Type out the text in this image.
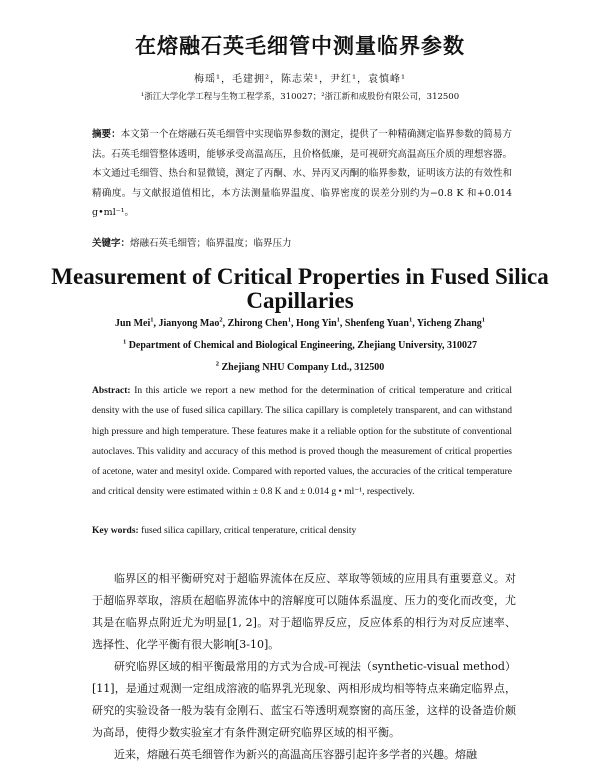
在熔融石英毛细管中测量临界参数
梅瑶¹，毛建拥²，陈志荣¹，尹红¹，袁慎峰¹
¹浙江大学化学工程与生物工程学系，310027；²浙江新和成股份有限公司，312500
摘要：本文第一个在熔融石英毛细管中实现临界参数的测定，提供了一种精确测定临界参数的简易方法。石英毛细管整体透明，能够承受高温高压，且价格低廉，是可视研究高温高压介质的理想容器。本文通过毛细管、热台和显微镜，测定了丙酮、水、异丙叉丙酮的临界参数，证明该方法的有效性和精确度。与文献报道值相比，本方法测量临界温度、临界密度的误差分别约为−0.8 K 和+0.014 g•ml⁻¹。
关键字：熔融石英毛细管；临界温度；临界压力
Measurement of Critical Properties in Fused Silica Capillaries
Jun Mei$^1$, Jianyong Mao$^2$, Zhirong Chen$^1$, Hong Yin$^1$, Shenfeng Yuan$^1$, Yicheng Zhang$^1$
$^1$ Department of Chemical and Biological Engineering, Zhejiang University, 310027
$^2$ Zhejiang NHU Company Ltd., 312500
Abstract: In this article we report a new method for the determination of critical temperature and critical density with the use of fused silica capillary. The silica capillary is completely transparent, and can withstand high pressure and high temperature. These features make it a reliable option for the substitute of conventional autoclaves. This validity and accuracy of this method is proved though the measurement of critical properties of acetone, water and mesityl oxide. Compared with reported values, the accuracies of the critical temperature and critical density were estimated within ± 0.8 K and ± 0.014 g • ml⁻¹, respectively.
Key words: fused silica capillary, critical tenperature, critical density

临界区的相平衡研究对于超临界流体在反应、萃取等领域的应用具有重要意义。对于超临界萃取，溶质在超临界流体中的溶解度可以随体系温度、压力的变化而改变，尤其是在临界点附近尤为明显[1, 2]。对于超临界反应，反应体系的相行为对反应速率、选择性、化学平衡有很大影响[3-10]。

研究临界区域的相平衡最常用的方式为合成-可视法（synthetic-visual method）[11]，是通过观测一定组成溶液的临界乳光现象、两相形成均相等特点来确定临界点，研究的实验设备一般为装有金刚石、蓝宝石等透明观察窗的高压釜，这样的设备造价颇为高昂，使得少数实验室才有条件测定研究临界区域的相平衡。

近来，熔融石英毛细管作为新兴的高温高压容器引起许多学者的兴趣。熔融
